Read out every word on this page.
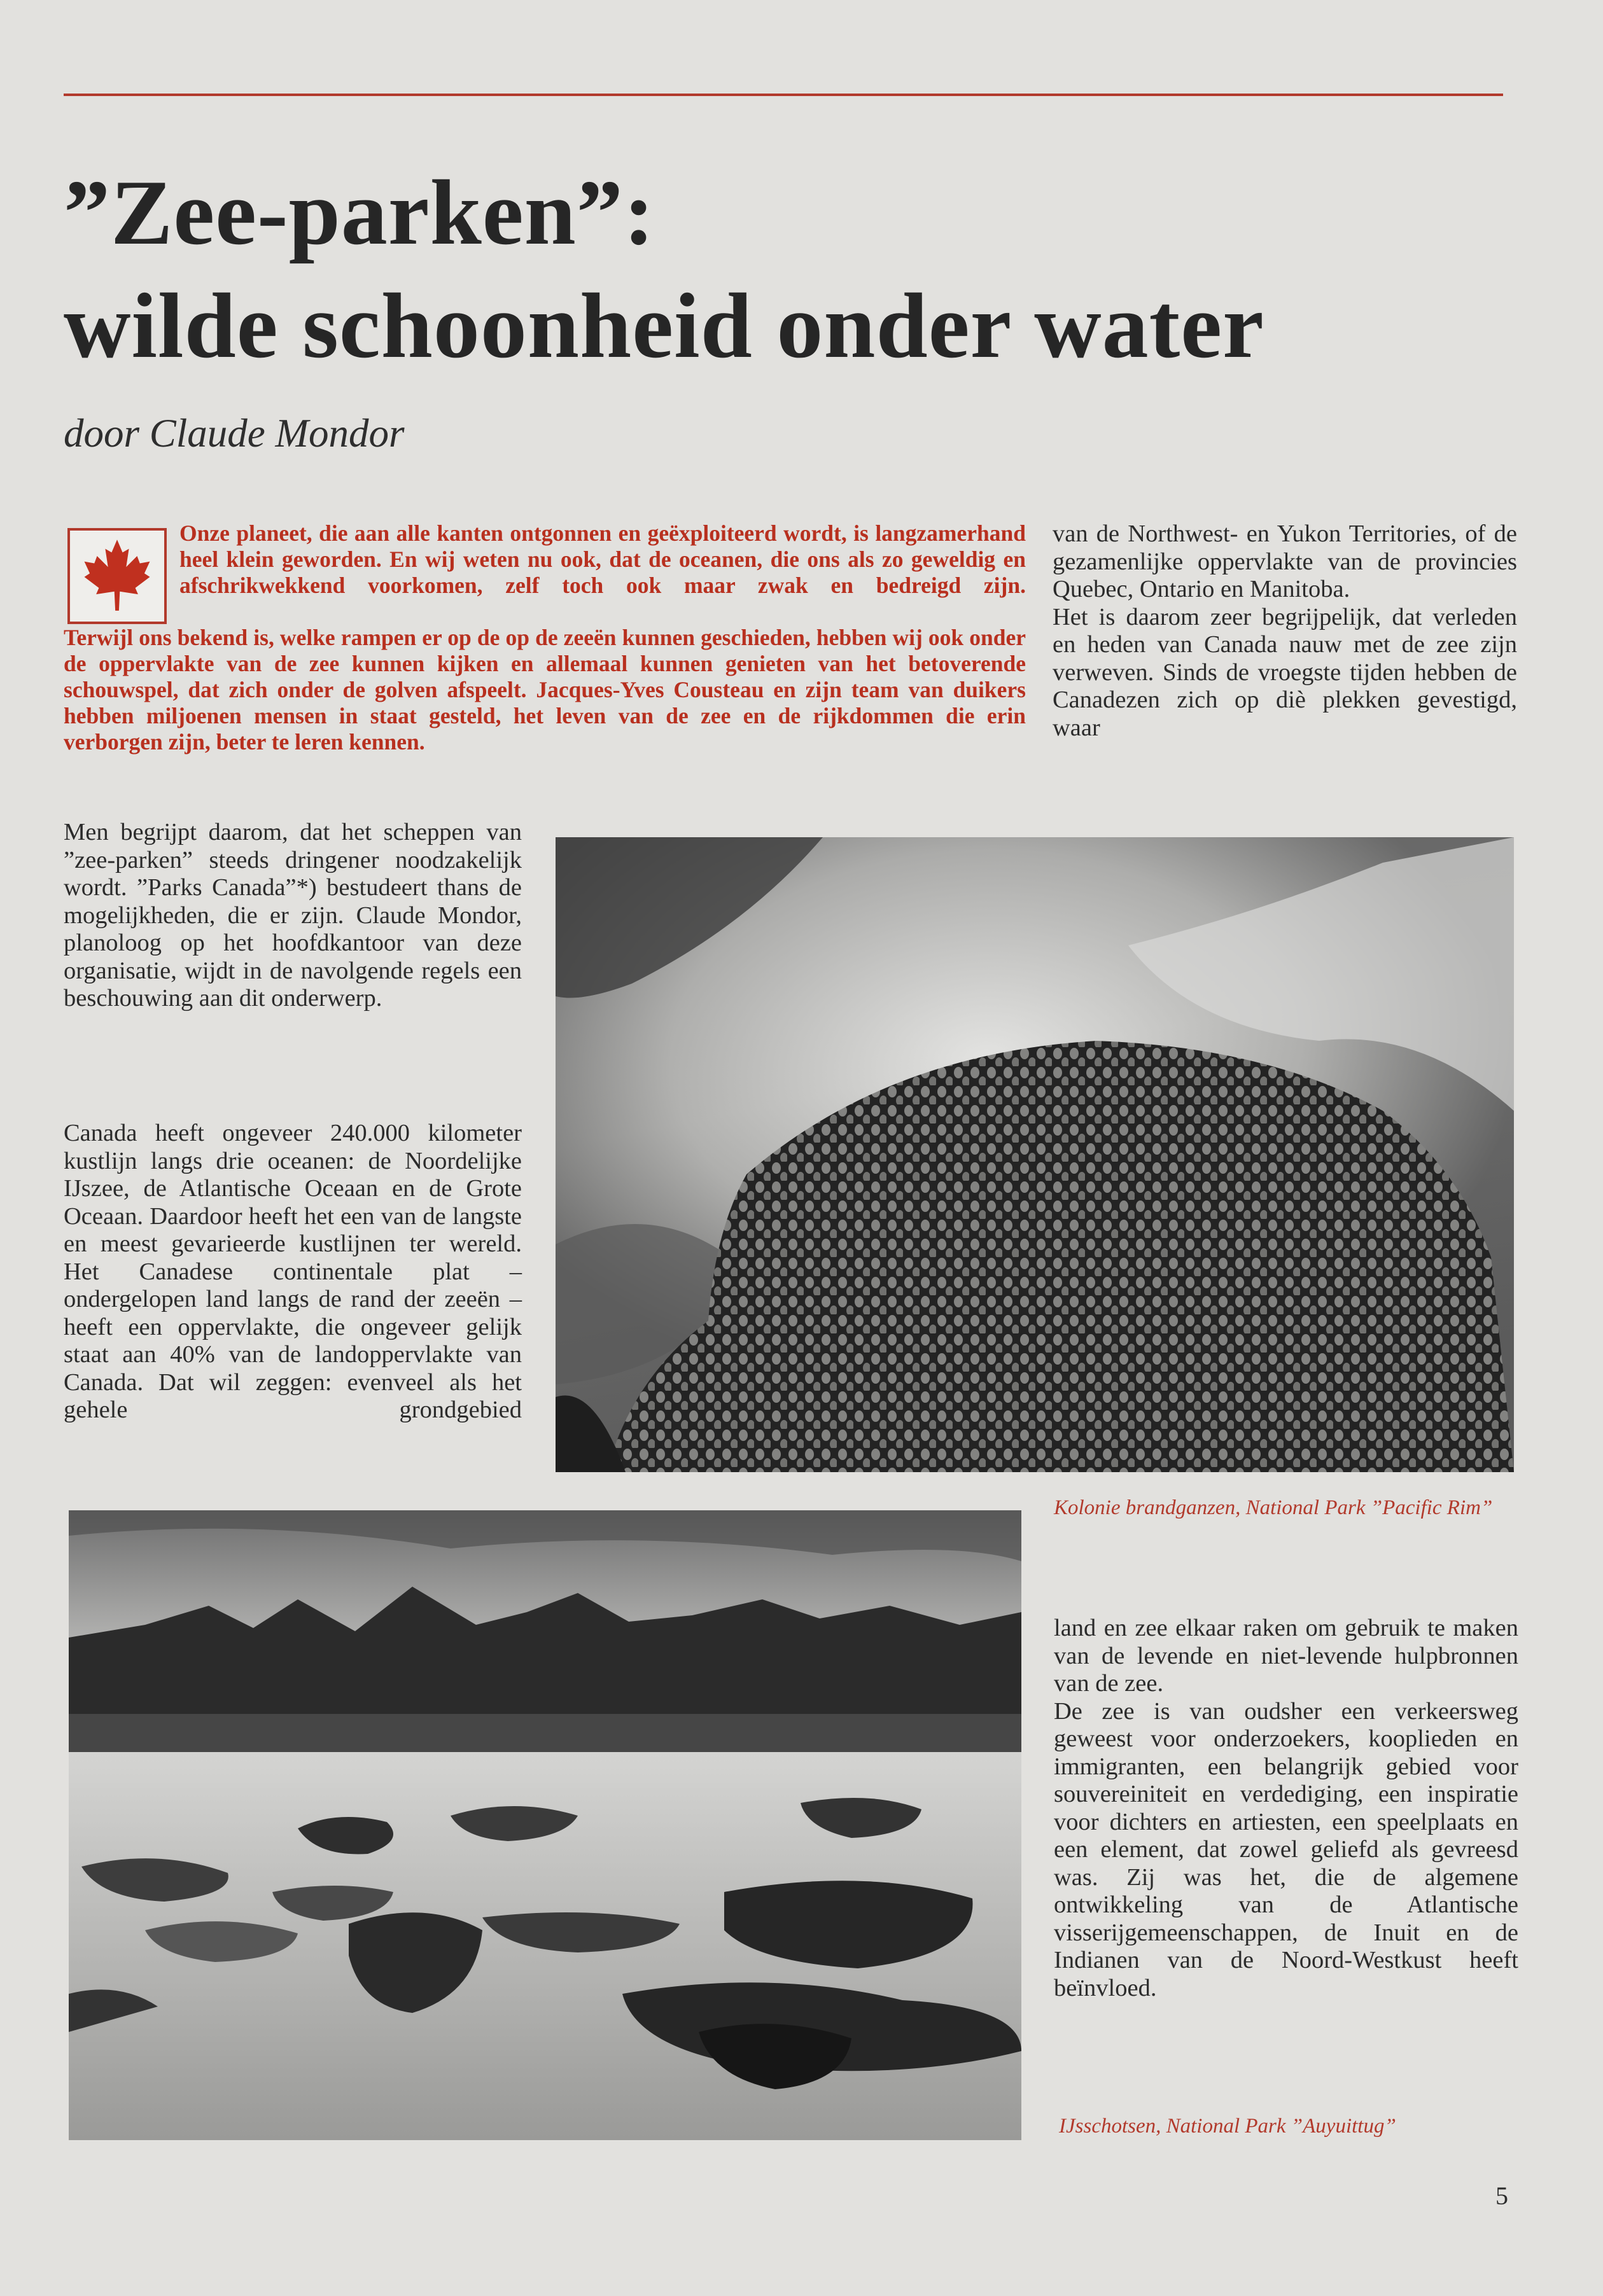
”Zee-parken”:
wilde schoonheid onder water
door Claude Mondor
Onze planeet, die aan alle kanten ontgonnen en geëxploiteerd wordt, is langzamerhand heel klein geworden. En wij weten nu ook, dat de oceanen, die ons als zo geweldig en afschrikwekkend voorkomen, zelf toch ook maar zwak en bedreigd zijn.
Terwijl ons bekend is, welke rampen er op de op de zeeën kunnen geschieden, hebben wij ook onder de oppervlakte van de zee kunnen kijken en allemaal kunnen genieten van het betoverende schouwspel, dat zich onder de golven afspeelt. Jacques-Yves Cousteau en zijn team van duikers hebben miljoenen mensen in staat gesteld, het leven van de zee en de rijkdommen die erin verborgen zijn, beter te leren kennen.

van de Northwest- en Yukon Territories, of de gezamenlijke oppervlakte van de provincies Quebec, Ontario en Manitoba.

Het is daarom zeer begrijpelijk, dat verleden en heden van Canada nauw met de zee zijn verweven. Sinds de vroegste tijden hebben de Canadezen zich op diè plekken gevestigd, waar

Men begrijpt daarom, dat het scheppen van ”zee-parken” steeds dringener noodzakelijk wordt. ”Parks Canada”*) bestudeert thans de mogelijkheden, die er zijn. Claude Mondor, planoloog op het hoofdkantoor van deze organisatie, wijdt in de navolgende regels een beschouwing aan dit onderwerp.

Canada heeft ongeveer 240.000 kilometer kustlijn langs drie oceanen: de Noordelijke IJszee, de Atlantische Oceaan en de Grote Oceaan. Daardoor heeft het een van de langste en meest gevarieerde kustlijnen ter wereld. Het Canadese continentale plat – ondergelopen land langs de rand der zeeën – heeft een oppervlakte, die ongeveer gelijk staat aan 40% van de landoppervlakte van Canada. Dat wil zeggen: evenveel als het gehele grondgebied

Kolonie brandganzen, National Park ”Pacific Rim”

land en zee elkaar raken om gebruik te maken van de levende en niet-levende hulpbronnen van de zee.

De zee is van oudsher een verkeersweg geweest voor onderzoekers, kooplieden en immigranten, een belangrijk gebied voor souvereiniteit en verdediging, een inspiratie voor dichters en artiesten, een speelplaats en een element, dat zowel geliefd als gevreesd was. Zij was het, die de algemene ontwikkeling van de Atlantische visserijgemeenschappen, de Inuit en de Indianen van de Noord-Westkust heeft beïnvloed.

IJsschotsen, National Park ”Auyuittug”
5
